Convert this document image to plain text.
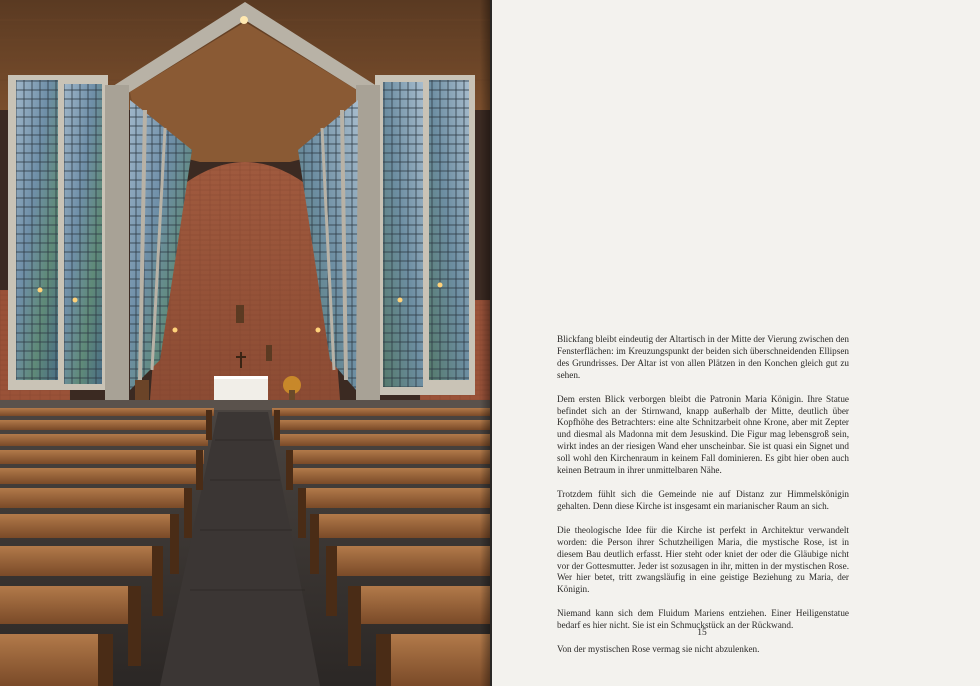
Blickfang bleibt eindeutig der Altartisch in der Mitte der Vierung zwischen den Fensterflächen: im Kreuzungspunkt der beiden sich überschneidenden Ellipsen des Grundrisses. Der Altar ist von allen Plätzen in den Konchen gleich gut zu sehen.

Dem ersten Blick verborgen bleibt die Patronin Maria Königin. Ihre Statue befindet sich an der Stirnwand, knapp außerhalb der Mitte, deutlich über Kopfhöhe des Betrachters: eine alte Schnitzarbeit ohne Krone, aber mit Zepter und diesmal als Madonna mit dem Jesuskind. Die Figur mag lebensgroß sein, wirkt indes an der riesigen Wand eher unscheinbar. Sie ist quasi ein Signet und soll wohl den Kirchenraum in keinem Fall dominieren. Es gibt hier oben auch keinen Betraum in ihrer unmittelbaren Nähe.

Trotzdem fühlt sich die Gemeinde nie auf Distanz zur Himmelskönigin gehalten. Denn diese Kirche ist insgesamt ein marianischer Raum an sich.

Die theologische Idee für die Kirche ist perfekt in Architektur verwandelt worden: die Person ihrer Schutzheiligen Maria, die mystische Rose, ist in diesem Bau deutlich erfasst. Hier steht oder kniet der oder die Gläubige nicht vor der Gottesmutter. Jeder ist sozusagen in ihr, mitten in der mystischen Rose. Wer hier betet, tritt zwangsläufig in eine geistige Beziehung zu Maria, der Königin.

Niemand kann sich dem Fluidum Mariens entziehen. Einer Heiligenstatue bedarf es hier nicht. Sie ist ein Schmuckstück an der Rückwand.

Von der mystischen Rose vermag sie nicht abzulenken.

15
